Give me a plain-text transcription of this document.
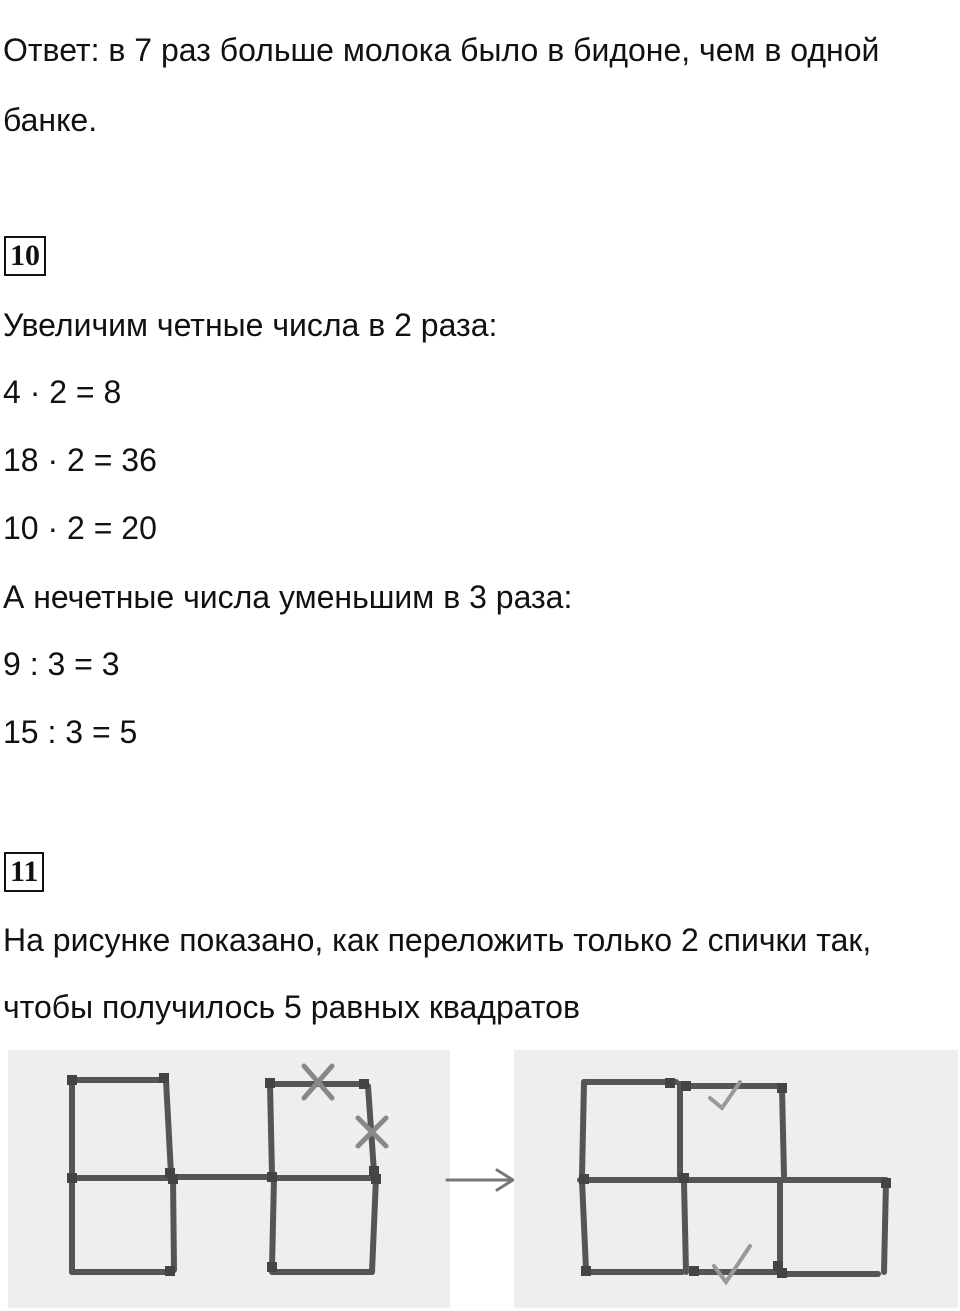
Ответ: в 7 раз больше молока было в бидоне, чем в одной
банке.
10
Увеличим четные числа в 2 раза:
4 · 2 = 8
18 · 2 = 36
10 · 2 = 20
А нечетные числа уменьшим в 3 раза:
9 : 3 = 3
15 : 3 = 5
11
На рисунке показано, как переложить только 2 спички так,
чтобы получилось 5 равных квадратов
